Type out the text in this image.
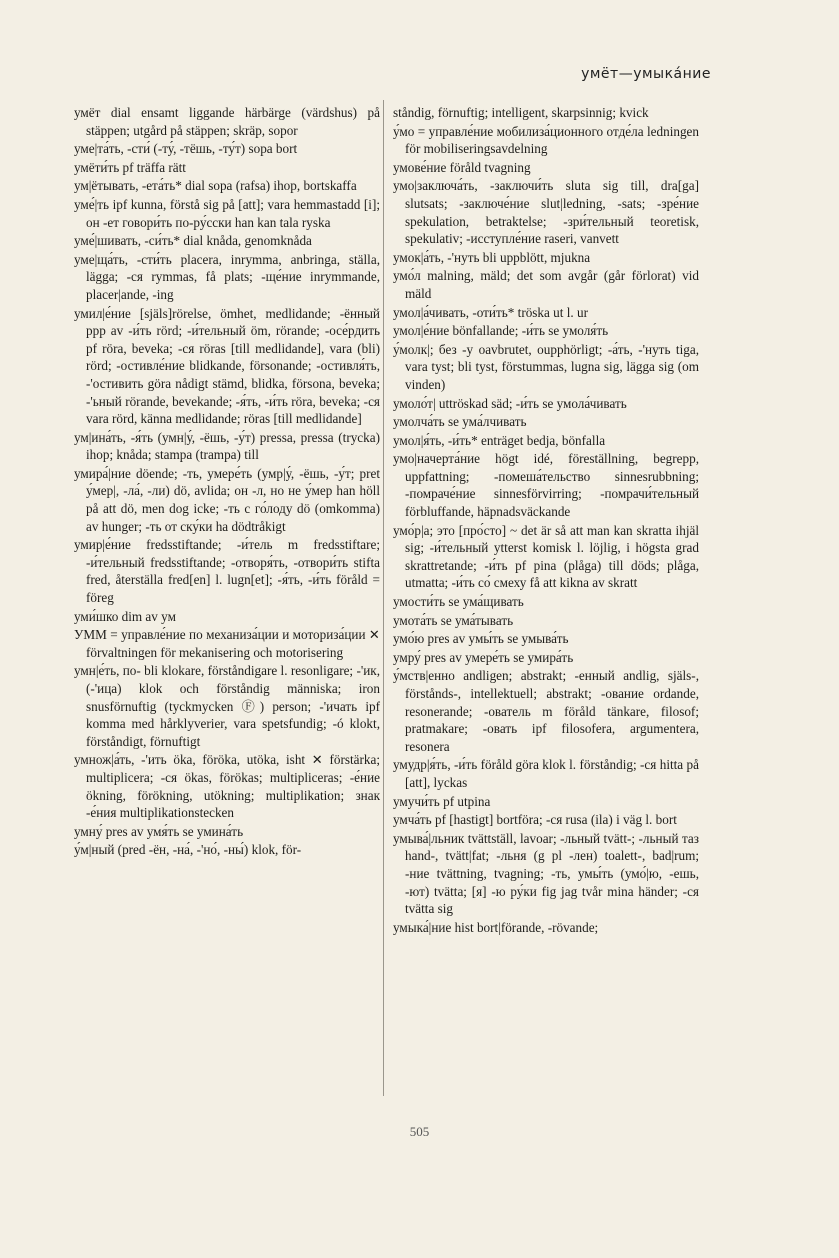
умёт—умыка́ние

умёт dial ensamt liggande härbärge (värdshus) på stäppen; utgård på stäppen; skräp, sopor

уме|та́ть, -сти́ (-ту́, -тёшь, -ту́т) sopa bort

умёти́ть pf träffa rätt

ум|ётывать, -ета́ть* dial sopa (rafsa) ihop, bortskaffa

уме́|ть ipf kunna, förstå sig på [att]; vara hemmastadd [i]; он -ет говори́ть по-ру́сски han kan tala ryska

уме́|шивать, -си́ть* dial knåda, genomknåda

уме|ща́ть, -сти́ть placera, inrymma, anbringa, ställa, lägga; -ся rymmas, få plats; -ще́ние inrymmande, placer|ande, -ing

умил|е́ние [själs]rörelse, ömhet, medlidande; -ённый ppp av -и́ть rörd; -и́тельный öm, rörande; -осе́рдить pf röra, beveka; -ся röras [till medlidande], vara (bli) rörd; -остивле́ние blidkande, försonande; -остивля́ть, -'остивить göra nådigt stämd, blidka, försona, beveka; -'ьный rörande, bevekande; -я́ть, -и́ть röra, beveka; -ся vara rörd, känna medlidande; röras [till medlidande]

ум|ина́ть, -я́ть (умн|у́, -ёшь, -у́т) pressa, pressa (trycka) ihop; knåda; stampa (trampa) till

умира́|ние döende; -ть, умере́ть (умр|у́, -ёшь, -у́т; pret у́мер|, -ла́, -ли) dö, avlida; он -л, но не у́мер han höll på att dö, men dog icke; -ть с го́лоду dö (omkomma) av hunger; -ть от ску́ки ha dödtråkigt

умир|е́ние fredsstiftande; -и́тель m fredsstiftare; -и́тельный fredsstiftande; -отворя́ть, -отвори́ть stifta fred, återställa fred[en] l. lugn[et]; -я́ть, -и́ть föråld = föreg

уми́шко dim av ум

УММ = управле́ние по механиза́ции и моториза́ции ✕ förvaltningen för mekanisering och motorisering

умн|е́ть, по- bli klokare, förståndigare l. resonligare; -'ик, (-'ица) klok och förståndig människa; iron snusförnuftig (tyckmycken Ⓕ) person; -'ичать ipf komma med hårklyverier, vara spetsfundig; -ó klokt, förståndigt, förnuftigt

умнож|а́ть, -'ить öka, föröka, utöka, isht ✕ förstärka; multiplicera; -ся ökas, förökas; multipliceras; -е́ние ökning, förökning, utökning; multiplikation; знак -е́ния multiplikationstecken

умну́ pres av умя́ть se умина́ть

у́м|ный (pred -ён, -на́, -'но́, -ны́) klok, för-

ståndig, förnuftig; intelligent, skarpsinnig; kvick

у́мо = управле́ние мобилиза́ционного отде́ла ledningen för mobiliseringsavdelning

умове́ние föråld tvagning

умо|заключа́ть, -заключи́ть sluta sig till, dra[ga] slutsats; -заключе́ние slut|ledning, -sats; -зре́ние spekulation, betraktelse; -зри́тельный teoretisk, spekulativ; -исступле́ние raseri, vanvett

умок|а́ть, -'нуть bli uppblött, mjukna

умо́л malning, mäld; det som avgår (går förlorat) vid mäld

умол|а́чивать, -оти́ть* tröska ut l. ur

умол|е́ние bönfallande; -и́ть se умоля́ть

у́молк|; без -у oavbrutet, oupphörligt; -а́ть, -'нуть tiga, vara tyst; bli tyst, förstummas, lugna sig, lägga sig (om vinden)

умоло́т| uttröskad säd; -и́ть se умола́чивать

умолча́ть se ума́лчивать

умол|я́ть, -и́ть* enträget bedja, bönfalla

умо|начерта́ние högt idé, föreställning, begrepp, uppfattning; -помеша́тельство sinnesrubbning; -помраче́ние sinnesförvirring; -помрачи́тельный förbluffande, häpnadsväckande

умо́р|а; это [про́сто] ~ det är så att man kan skratta ihjäl sig; -и́тельный ytterst komisk l. löjlig, i högsta grad skrattretande; -и́ть pf pina (plåga) till döds; plåga, utmatta; -и́ть со́ смеху få att kikna av skratt

умости́ть se ума́щивать

умота́ть se ума́тывать

умо́ю pres av умы́ть se умыва́ть

умру́ pres av умере́ть se умира́ть

у́мств|енно andligen; abstrakt; -енный andlig, själs-, förstånds-, intellektuell; abstrakt; -ование ordande, resonerande; -ователь m föråld tänkare, filosof; pratmakare; -овать ipf filosofera, argumentera, resonera

умудр|я́ть, -и́ть föråld göra klok l. förståndig; -ся hitta på [att], lyckas

умyчи́ть pf utpina

умча́ть pf [hastigt] bortföra; -ся rusa (ila) i väg l. bort

умыва́|льник tvättställ, lavoar; -льный tvätt-; -льный таз hand-, tvätt|fat; -льня (g pl -лен) toalett-, bad|rum; -ние tvättning, tvagning; -ть, умы́ть (умо́|ю, -ешь, -ют) tvätta; [я] -ю ру́ки fig jag tvår mina händer; -ся tvätta sig

умыка́|ние hist bort|förande, -rövande;

505
